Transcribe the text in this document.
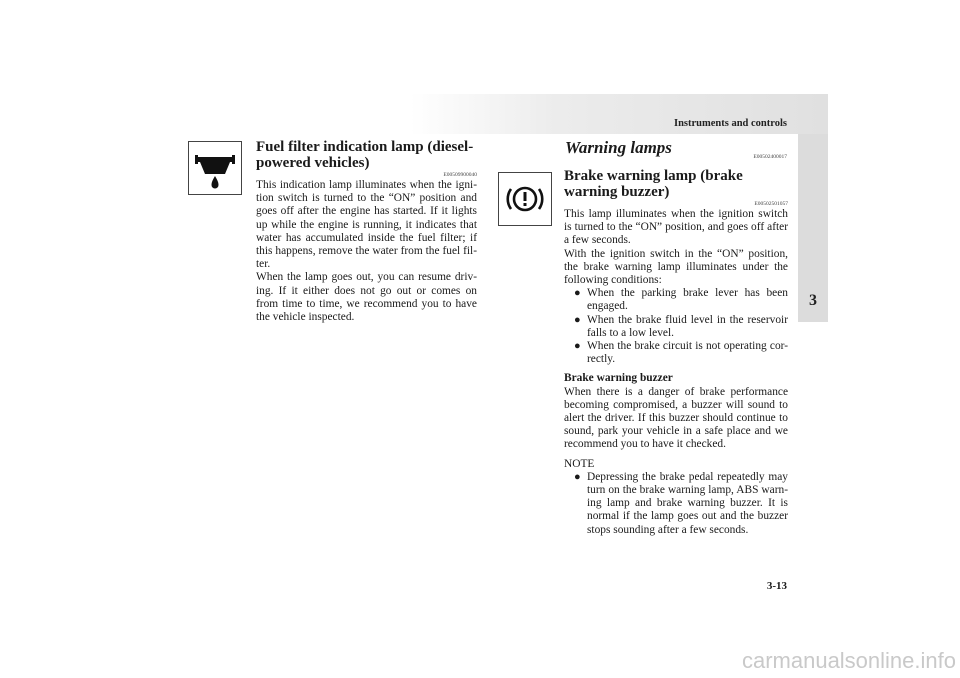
Instruments and controls
3
Fuel filter indication lamp (diesel-powered vehicles)
E00509900040

This indication lamp illuminates when the igni-tion switch is turned to the “ON” position and goes off after the engine has started. If it lights up while the engine is running, it indicates that water has accumulated inside the fuel filter; if this happens, remove the water from the fuel fil-ter.

When the lamp goes out, you can resume driv-ing. If it either does not go out or comes on from time to time, we recommend you to have the vehicle inspected.

Warning lamps	E00502400017
Brake warning lamp (brake warning buzzer)
E00502501057

This lamp illuminates when the ignition switch is turned to the “ON” position, and goes off after a few seconds.

With the ignition switch in the “ON” position, the brake warning lamp illuminates under the following conditions:

● When the parking brake lever has been engaged.
● When the brake fluid level in the reservoir falls to a low level.
● When the brake circuit is not operating cor-rectly.
Brake warning buzzer

When there is a danger of brake performance becoming compromised, a buzzer will sound to alert the driver. If this buzzer should continue to sound, park your vehicle in a safe place and we recommend you to have it checked.

NOTE
● Depressing the brake pedal repeatedly may turn on the brake warning lamp, ABS warn-ing lamp and brake warning buzzer. It is normal if the lamp goes out and the buzzer stops sounding after a few seconds.
3-13
carmanualsonline.info
